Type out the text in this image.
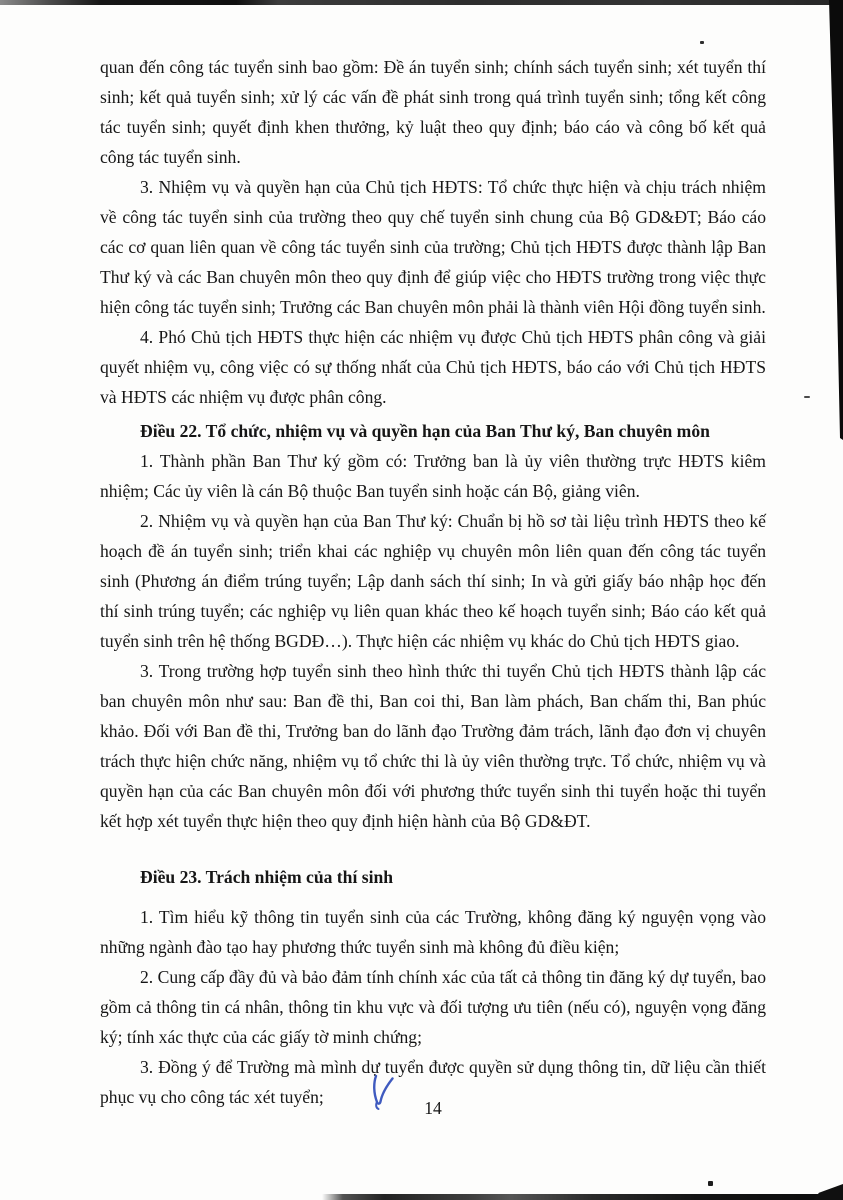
quan đến công tác tuyển sinh bao gồm: Đề án tuyển sinh; chính sách tuyển sinh; xét tuyển thí sinh; kết quả tuyển sinh; xử lý các vấn đề phát sinh trong quá trình tuyển sinh; tổng kết công tác tuyển sinh; quyết định khen thưởng, kỷ luật theo quy định; báo cáo và công bố kết quả công tác tuyển sinh.

3. Nhiệm vụ và quyền hạn của Chủ tịch HĐTS: Tổ chức thực hiện và chịu trách nhiệm về công tác tuyển sinh của trường theo quy chế tuyển sinh chung của Bộ GD&ĐT; Báo cáo các cơ quan liên quan về công tác tuyển sinh của trường; Chủ tịch HĐTS được thành lập Ban Thư ký và các Ban chuyên môn theo quy định để giúp việc cho HĐTS trường trong việc thực hiện công tác tuyển sinh; Trưởng các Ban chuyên môn phải là thành viên Hội đồng tuyển sinh.

4. Phó Chủ tịch HĐTS thực hiện các nhiệm vụ được Chủ tịch HĐTS phân công và giải quyết nhiệm vụ, công việc có sự thống nhất của Chủ tịch HĐTS, báo cáo với Chủ tịch HĐTS và HĐTS các nhiệm vụ được phân công.

Điều 22. Tổ chức, nhiệm vụ và quyền hạn của Ban Thư ký, Ban chuyên môn

1. Thành phần Ban Thư ký gồm có: Trưởng ban là ủy viên thường trực HĐTS kiêm nhiệm; Các ủy viên là cán Bộ thuộc Ban tuyển sinh hoặc cán Bộ, giảng viên.

2. Nhiệm vụ và quyền hạn của Ban Thư ký: Chuẩn bị hồ sơ tài liệu trình HĐTS theo kế hoạch đề án tuyển sinh; triển khai các nghiệp vụ chuyên môn liên quan đến công tác tuyển sinh (Phương án điểm trúng tuyển; Lập danh sách thí sinh; In và gửi giấy báo nhập học đến thí sinh trúng tuyển; các nghiệp vụ liên quan khác theo kế hoạch tuyển sinh; Báo cáo kết quả tuyển sinh trên hệ thống BGDĐ…). Thực hiện các nhiệm vụ khác do Chủ tịch HĐTS giao.

3. Trong trường hợp tuyển sinh theo hình thức thi tuyển Chủ tịch HĐTS thành lập các ban chuyên môn như sau: Ban đề thi, Ban coi thi, Ban làm phách, Ban chấm thi, Ban phúc khảo. Đối với Ban đề thi, Trưởng ban do lãnh đạo Trường đảm trách, lãnh đạo đơn vị chuyên trách thực hiện chức năng, nhiệm vụ tổ chức thi là ủy viên thường trực. Tổ chức, nhiệm vụ và quyền hạn của các Ban chuyên môn đối với phương thức tuyển sinh thi tuyển hoặc thi tuyển kết hợp xét tuyển thực hiện theo quy định hiện hành của Bộ GD&ĐT.

Điều 23. Trách nhiệm của thí sinh

1. Tìm hiểu kỹ thông tin tuyển sinh của các Trường, không đăng ký nguyện vọng vào những ngành đào tạo hay phương thức tuyển sinh mà không đủ điều kiện;

2. Cung cấp đầy đủ và bảo đảm tính chính xác của tất cả thông tin đăng ký dự tuyển, bao gồm cả thông tin cá nhân, thông tin khu vực và đối tượng ưu tiên (nếu có), nguyện vọng đăng ký; tính xác thực của các giấy tờ minh chứng;

3. Đồng ý để Trường mà mình dự tuyển được quyền sử dụng thông tin, dữ liệu cần thiết phục vụ cho công tác xét tuyển;

14
